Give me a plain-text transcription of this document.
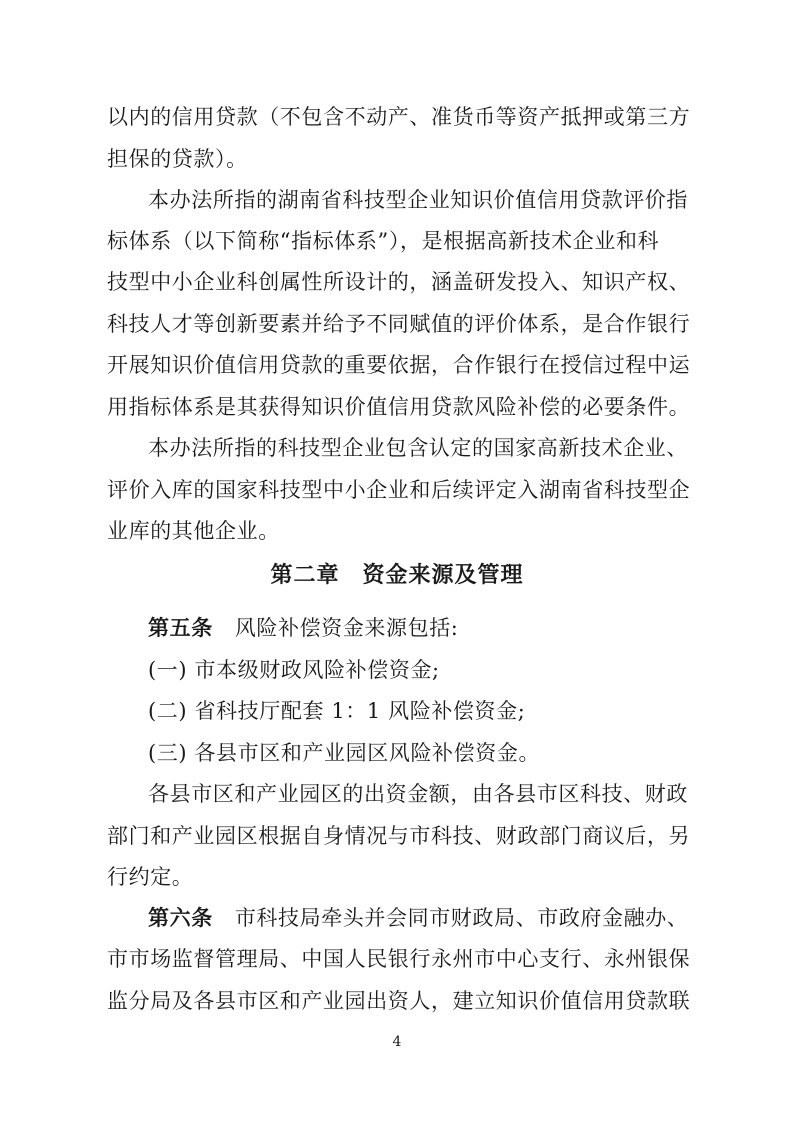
以内的信用贷款（不包含不动产、准货币等资产抵押或第三方
担保的贷款）。
本办法所指的湖南省科技型企业知识价值信用贷款评价指
标体系（以下简称“指标体系”），是根据高新技术企业和科
技型中小企业科创属性所设计的，涵盖研发投入、知识产权、
科技人才等创新要素并给予不同赋值的评价体系，是合作银行
开展知识价值信用贷款的重要依据，合作银行在授信过程中运
用指标体系是其获得知识价值信用贷款风险补偿的必要条件。
本办法所指的科技型企业包含认定的国家高新技术企业、
评价入库的国家科技型中小企业和后续评定入湖南省科技型企
业库的其他企业。
第二章　资金来源及管理
第五条 风险补偿资金来源包括:
(一) 市本级财政风险补偿资金;
(二) 省科技厅配套 1：1 风险补偿资金;
(三) 各县市区和产业园区风险补偿资金。
各县市区和产业园区的出资金额，由各县市区科技、财政
部门和产业园区根据自身情况与市科技、财政部门商议后，另
行约定。
第六条 市科技局牵头并会同市财政局、市政府金融办、
市市场监督管理局、中国人民银行永州市中心支行、永州银保
监分局及各县市区和产业园出资人，建立知识价值信用贷款联
4
